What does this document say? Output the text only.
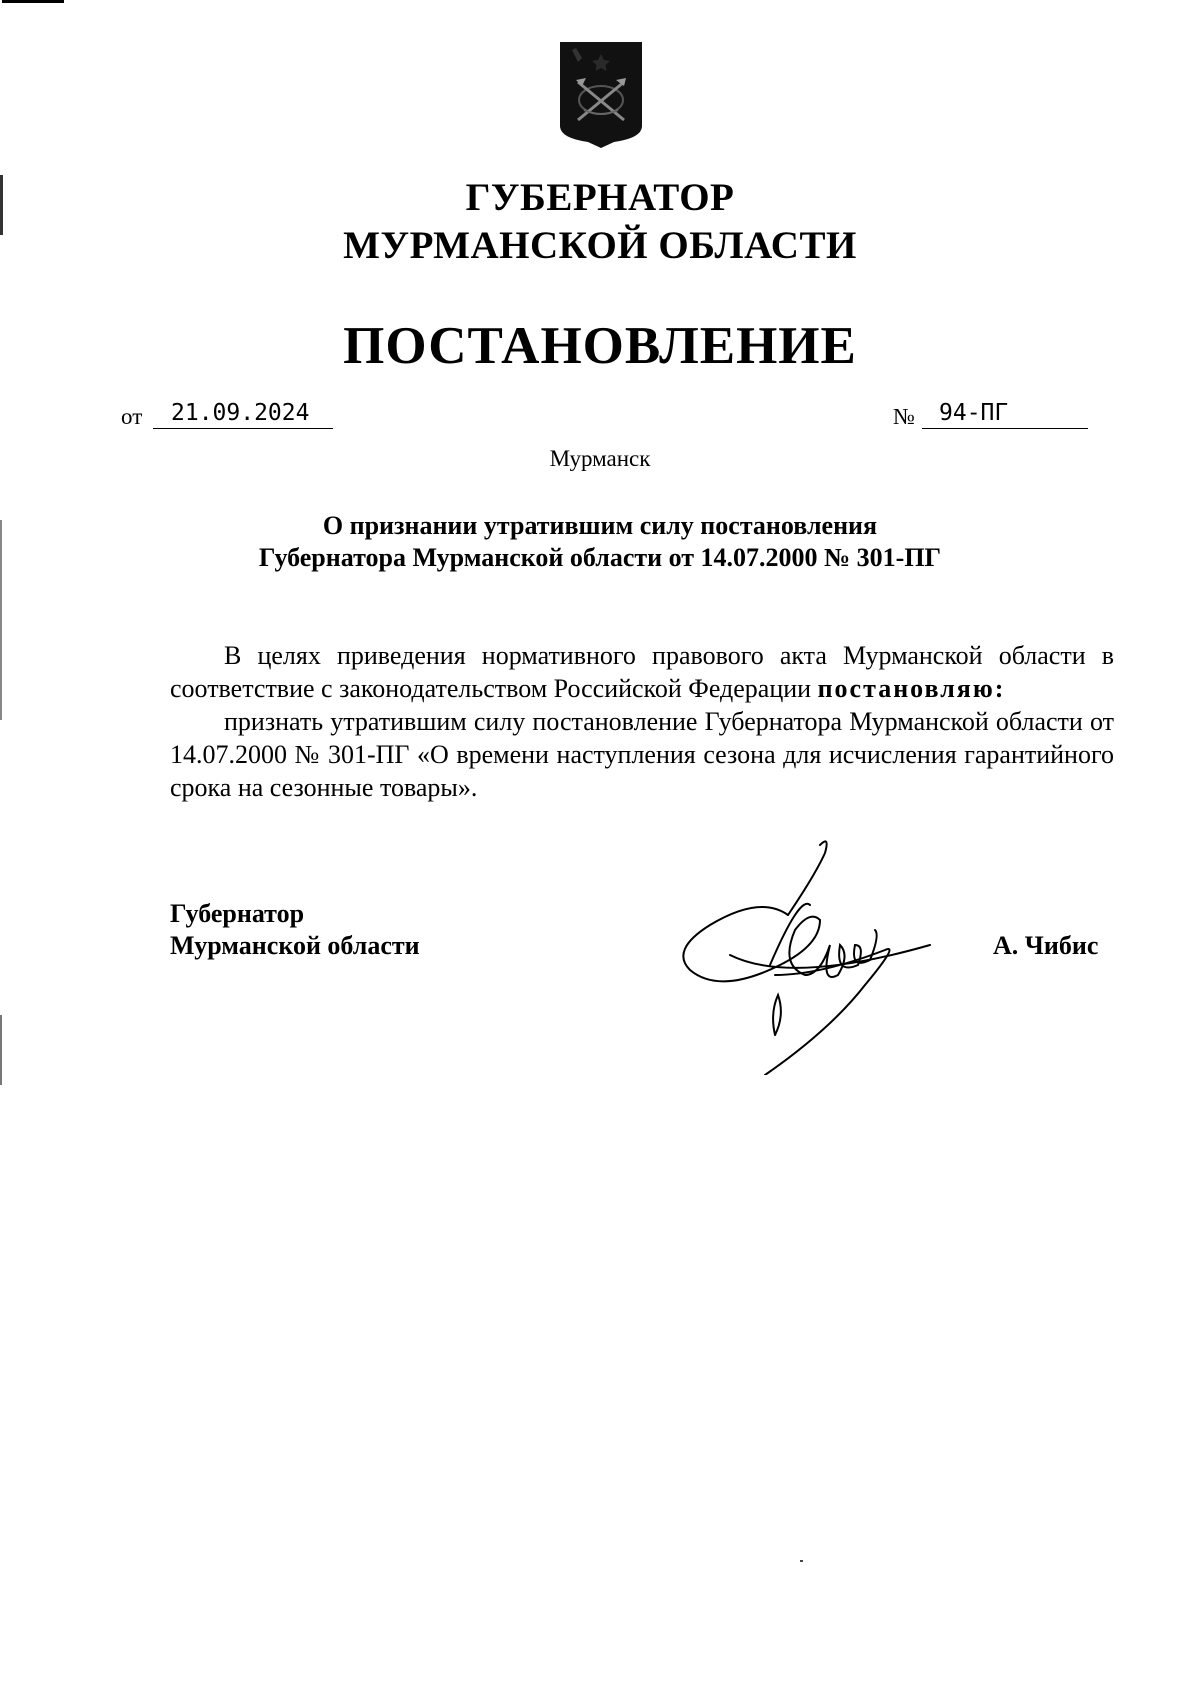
ГУБЕРНАТОР
МУРМАНСКОЙ ОБЛАСТИ
ПОСТАНОВЛЕНИЕ
от	21.09.2024	№	94-ПГ
Мурманск
О признании утратившим силу постановления
Губернатора Мурманской области от 14.07.2000 № 301-ПГ
В целях приведения нормативного правового акта Мурманской области в соответствие с законодательством Российской Федерации постановляю:
признать утратившим силу постановление Губернатора Мурманской области от 14.07.2000 № 301-ПГ «О времени наступления сезона для исчисления гарантийного срока на сезонные товары».
Губернатор
Мурманской области	А. Чибис
